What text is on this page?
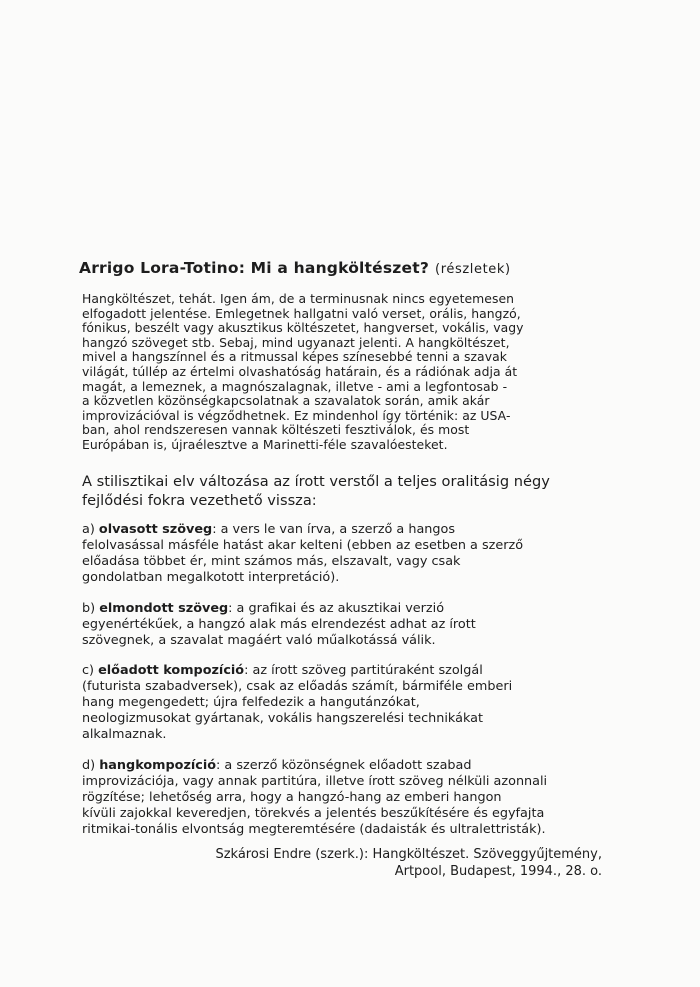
Arrigo Lora-Totino: Mi a hangköltészet? (részletek)
Hangköltészet, tehát. Igen ám, de a terminusnak nincs egyetemesen
elfogadott jelentése. Emlegetnek hallgatni való verset, orális, hangzó,
fónikus, beszélt vagy akusztikus költészetet, hangverset, vokális, vagy
hangzó szöveget stb. Sebaj, mind ugyanazt jelenti. A hangköltészet,
mivel a hangszínnel és a ritmussal képes színesebbé tenni a szavak
világát, túllép az értelmi olvashatóság határain, és a rádiónak adja át
magát, a lemeznek, a magnószalagnak, illetve - ami a legfontosab -
a közvetlen közönségkapcsolatnak a szavalatok során, amik akár
improvizációval is végződhetnek. Ez mindenhol így történik: az USA-
ban, ahol rendszeresen vannak költészeti fesztiválok, és most
Európában is, újraélesztve a Marinetti-féle szavalóesteket.
A stilisztikai elv változása az írott verstől a teljes oralitásig négy
fejlődési fokra vezethető vissza:
a) olvasott szöveg: a vers le van írva, a szerző a hangos
felolvasással másféle hatást akar kelteni (ebben az esetben a szerző
előadása többet ér, mint számos más, elszavalt, vagy csak
gondolatban megalkotott interpretáció).
b) elmondott szöveg: a grafikai és az akusztikai verzió
egyenértékűek, a hangzó alak más elrendezést adhat az írott
szövegnek, a szavalat magáért való műalkotássá válik.
c) előadott kompozíció: az írott szöveg partitúraként szolgál
(futurista szabadversek), csak az előadás számít, bármiféle emberi
hang megengedett; újra felfedezik a hangutánzókat,
neologizmusokat gyártanak, vokális hangszerelési technikákat
alkalmaznak.
d) hangkompozíció: a szerző közönségnek előadott szabad
improvizációja, vagy annak partitúra, illetve írott szöveg nélküli azonnali
rögzítése; lehetőség arra, hogy a hangzó-hang az emberi hangon
kívüli zajokkal keveredjen, törekvés a jelentés beszűkítésére és egyfajta
ritmikai-tonális elvontság megteremtésére (dadaisták és ultralettristák).
Szkárosi Endre (szerk.): Hangköltészet. Szöveggyűjtemény,
Artpool, Budapest, 1994., 28. o.
